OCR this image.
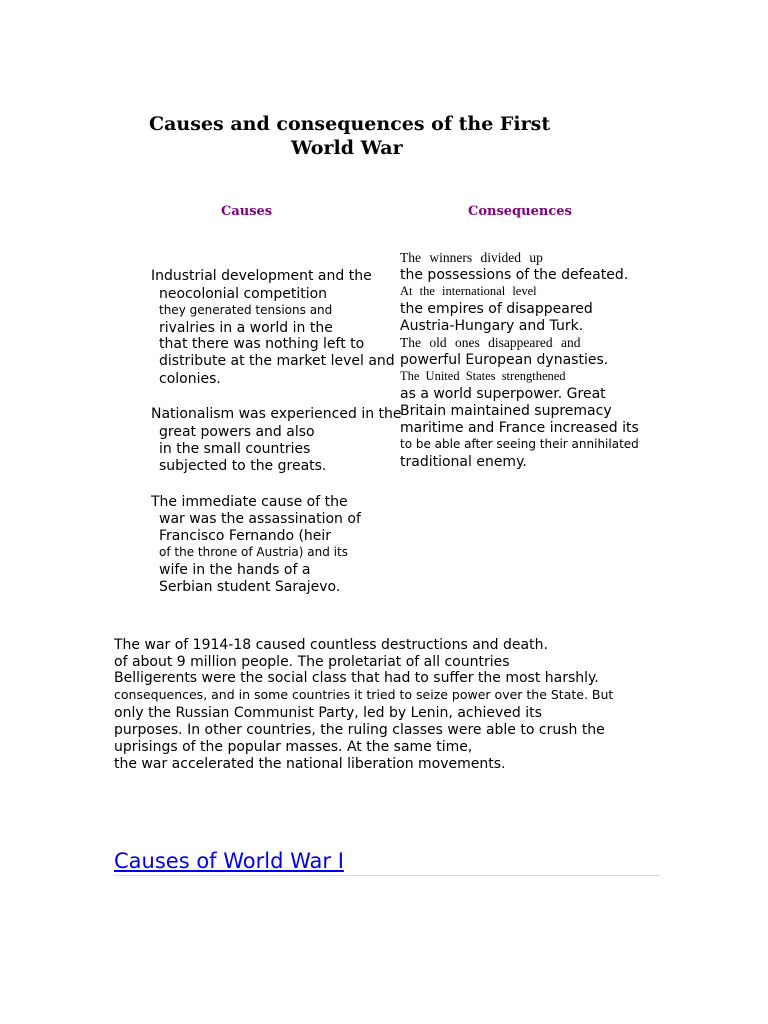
Causes and consequences of the First
World War
Causes	Consequences
Industrial development and the
neocolonial competition
they generated tensions and
rivalries in a world in the
that there was nothing left to
distribute at the market level and
colonies.
Nationalism was experienced in the
great powers and also
in the small countries
subjected to the greats.
The immediate cause of the
war was the assassination of
Francisco Fernando (heir
of the throne of Austria) and its
wife in the hands of a
Serbian student Sarajevo.
The winners divided up
the possessions of the defeated.
At the international level
the empires of disappeared
Austria-Hungary and Turk.
The old ones disappeared and
powerful European dynasties.
The United States strengthened
as a world superpower. Great
Britain maintained supremacy
maritime and France increased its
to be able after seeing their annihilated
traditional enemy.
The war of 1914-18 caused countless destructions and death.
of about 9 million people. The proletariat of all countries
Belligerents were the social class that had to suffer the most harshly.
consequences, and in some countries it tried to seize power over the State. But
only the Russian Communist Party, led by Lenin, achieved its
purposes. In other countries, the ruling classes were able to crush the
uprisings of the popular masses. At the same time,
the war accelerated the national liberation movements.
Causes of World War I
